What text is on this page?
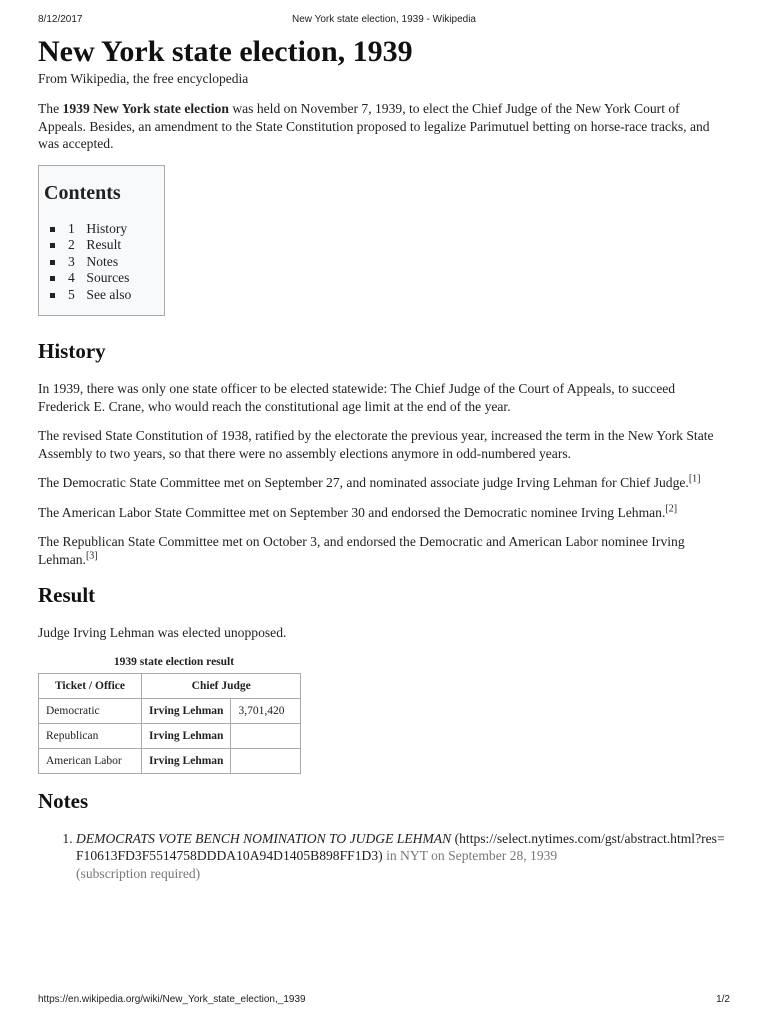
8/12/2017	New York state election, 1939 - Wikipedia
New York state election, 1939
From Wikipedia, the free encyclopedia

The 1939 New York state election was held on November 7, 1939, to elect the Chief Judge of the New York Court of Appeals. Besides, an amendment to the State Constitution proposed to legalize Parimutuel betting on horse-race tracks, and was accepted.

Contents
1 History
2 Result
3 Notes
4 Sources
5 See also
History

In 1939, there was only one state officer to be elected statewide: The Chief Judge of the Court of Appeals, to succeed Frederick E. Crane, who would reach the constitutional age limit at the end of the year.

The revised State Constitution of 1938, ratified by the electorate the previous year, increased the term in the New York State Assembly to two years, so that there were no assembly elections anymore in odd-numbered years.

The Democratic State Committee met on September 27, and nominated associate judge Irving Lehman for Chief Judge.[1]

The American Labor State Committee met on September 30 and endorsed the Democratic nominee Irving Lehman.[2]

The Republican State Committee met on October 3, and endorsed the Democratic and American Labor nominee Irving Lehman.[3]

Result

Judge Irving Lehman was elected unopposed.

1939 state election result
Ticket / Office	Chief Judge	
Democratic	Irving Lehman	3,701,420
Republican	Irving Lehman	
American Labor	Irving Lehman	
Notes
1. DEMOCRATS VOTE BENCH NOMINATION TO JUDGE LEHMAN (https://select.nytimes.com/gst/abstract.html?res=F10613FD3F5514758DDDA10A94D1405B898FF1D3) in NYT on September 28, 1939
(subscription required)
https://en.wikipedia.org/wiki/New_York_state_election,_1939	1/2
